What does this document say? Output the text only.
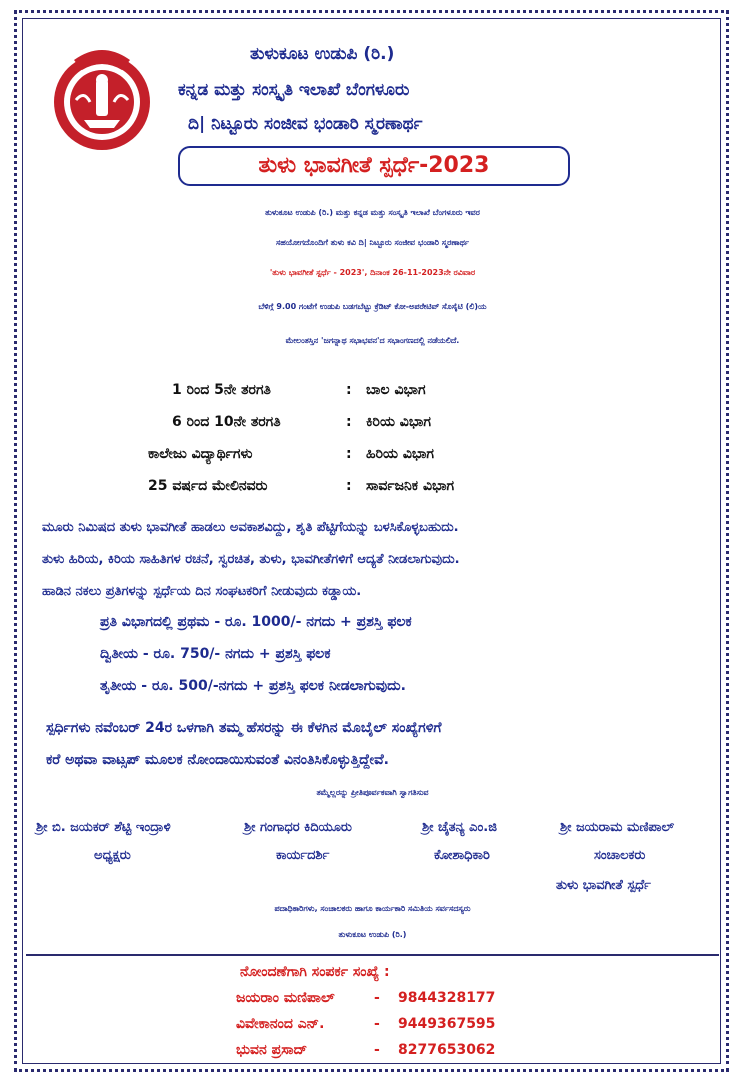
ತುಳುಕೂಟ ಉಡುಪಿ (ರಿ.)
ಕನ್ನಡ ಮತ್ತು ಸಂಸ್ಕೃತಿ ಇಲಾಖೆ ಬೆಂಗಳೂರು
ದಿ| ನಿಟ್ಟೂರು ಸಂಜೀವ ಭಂಡಾರಿ ಸ್ಮರಣಾರ್ಥ
ತುಳು ಭಾವಗೀತೆ ಸ್ಪರ್ಧೆ-2023
ತುಳುಕೂಟ ಉಡುಪಿ (ರಿ.) ಮತ್ತು ಕನ್ನಡ ಮತ್ತು ಸಂಸ್ಕೃತಿ ಇಲಾಖೆ ಬೆಂಗಳೂರು ಇವರ
ಸಹಯೋಗದೊಂದಿಗೆ ತುಳು ಕವಿ ದಿ| ನಿಟ್ಟೂರು ಸಂಜೀವ ಭಂಡಾರಿ ಸ್ಮರಣಾರ್ಥ
'ತುಳು ಭಾವಗೀತೆ ಸ್ಪರ್ಧೆ - 2023', ದಿನಾಂಕ 26-11-2023ನೇ ರವಿವಾರ
ಬೆಳಿಗ್ಗೆ 9.00 ಗಂಟೆಗೆ ಉಡುಪಿ ಬಡಗಬೆಟ್ಟು ಕ್ರೆಡಿಟ್ ಕೋ-ಅಪರೇಟಿವ್ ಸೊಸೈಟಿ (ಲಿ)ಯ
ಮೇಲಂತಸ್ತಿನ 'ಜಗನ್ನಾಥ ಸಭಾಭವನ'ದ ಸಭಾಂಗಣದಲ್ಲಿ ನಡೆಯಲಿದೆ.
1 ರಿಂದ 5ನೇ ತರಗತಿ	: ಬಾಲ ವಿಭಾಗ
6 ರಿಂದ 10ನೇ ತರಗತಿ	: ಕಿರಿಯ ವಿಭಾಗ
ಕಾಲೇಜು ವಿದ್ಯಾರ್ಥಿಗಳು	: ಹಿರಿಯ ವಿಭಾಗ
25 ವರ್ಷದ ಮೇಲಿನವರು	: ಸಾರ್ವಜನಿಕ ವಿಭಾಗ
ಮೂರು ನಿಮಿಷದ ತುಳು ಭಾವಗೀತೆ ಹಾಡಲು ಅವಕಾಶವಿದ್ದು, ಶೃತಿ ಪೆಟ್ಟಿಗೆಯನ್ನು ಬಳಸಿಕೊಳ್ಳಬಹುದು.
ತುಳು ಹಿರಿಯ, ಕಿರಿಯ ಸಾಹಿತಿಗಳ ರಚನೆ, ಸ್ವರಚಿತ, ತುಳು, ಭಾವಗೀತೆಗಳಿಗೆ ಆದ್ಯತೆ ನೀಡಲಾಗುವುದು.
ಹಾಡಿನ ನಕಲು ಪ್ರತಿಗಳನ್ನು ಸ್ಪರ್ಧೆಯ ದಿನ ಸಂಘಟಕರಿಗೆ ನೀಡುವುದು ಕಡ್ಡಾಯ.
ಪ್ರತಿ ವಿಭಾಗದಲ್ಲಿ ಪ್ರಥಮ - ರೂ. 1000/- ನಗದು + ಪ್ರಶಸ್ತಿ ಫಲಕ
ದ್ವಿತೀಯ - ರೂ. 750/- ನಗದು + ಪ್ರಶಸ್ತಿ ಫಲಕ
ತೃತೀಯ - ರೂ. 500/-ನಗದು + ಪ್ರಶಸ್ತಿ ಫಲಕ ನೀಡಲಾಗುವುದು.
ಸ್ಪರ್ಧಿಗಳು ನವೆಂಬರ್ 24ರ ಒಳಗಾಗಿ ತಮ್ಮ ಹೆಸರನ್ನು ಈ ಕೆಳಗಿನ ಮೊಬೈಲ್ ಸಂಖ್ಯೆಗಳಿಗೆ
ಕರೆ ಅಥವಾ ವಾಟ್ಸಪ್ ಮೂಲಕ ನೋಂದಾಯಿಸುವಂತೆ ವಿನಂತಿಸಿಕೊಳ್ಳುತ್ತಿದ್ದೇವೆ.
ತಮ್ಮೆಲ್ಲರನ್ನು ಪ್ರೀತಿಪೂರ್ವಕವಾಗಿ ಸ್ವಾಗತಿಸುವ
ಶ್ರೀ ಬಿ. ಜಯಕರ್ ಶೆಟ್ಟಿ ಇಂದ್ರಾಳಿ
ಅಧ್ಯಕ್ಷರು
ಶ್ರೀ ಗಂಗಾಧರ ಕಿದಿಯೂರು
ಕಾರ್ಯದರ್ಶಿ
ಶ್ರೀ ಚೈತನ್ಯ ಎಂ.ಜಿ
ಕೋಶಾಧಿಕಾರಿ
ಶ್ರೀ ಜಯರಾಮ ಮಣಿಪಾಲ್
ಸಂಚಾಲಕರು
ತುಳು ಭಾವಗೀತೆ ಸ್ಪರ್ಧೆ
ಪದಾಧಿಕಾರಿಗಳು, ಸಂಚಾಲಕರು ಹಾಗೂ ಕಾರ್ಯಕಾರಿ ಸಮಿತಿಯ ಸರ್ವಸದಸ್ಯರು
ತುಳುಕೂಟ ಉಡುಪಿ (ರಿ.)
ನೋಂದಣೆಗಾಗಿ ಸಂಪರ್ಕ ಸಂಖ್ಯೆ :
ಜಯರಾಂ ಮಣಿಪಾಲ್	- 9844328177
ವಿವೇಕಾನಂದ ಎನ್.	- 9449367595
ಭುವನ ಪ್ರಸಾದ್	- 8277653062
